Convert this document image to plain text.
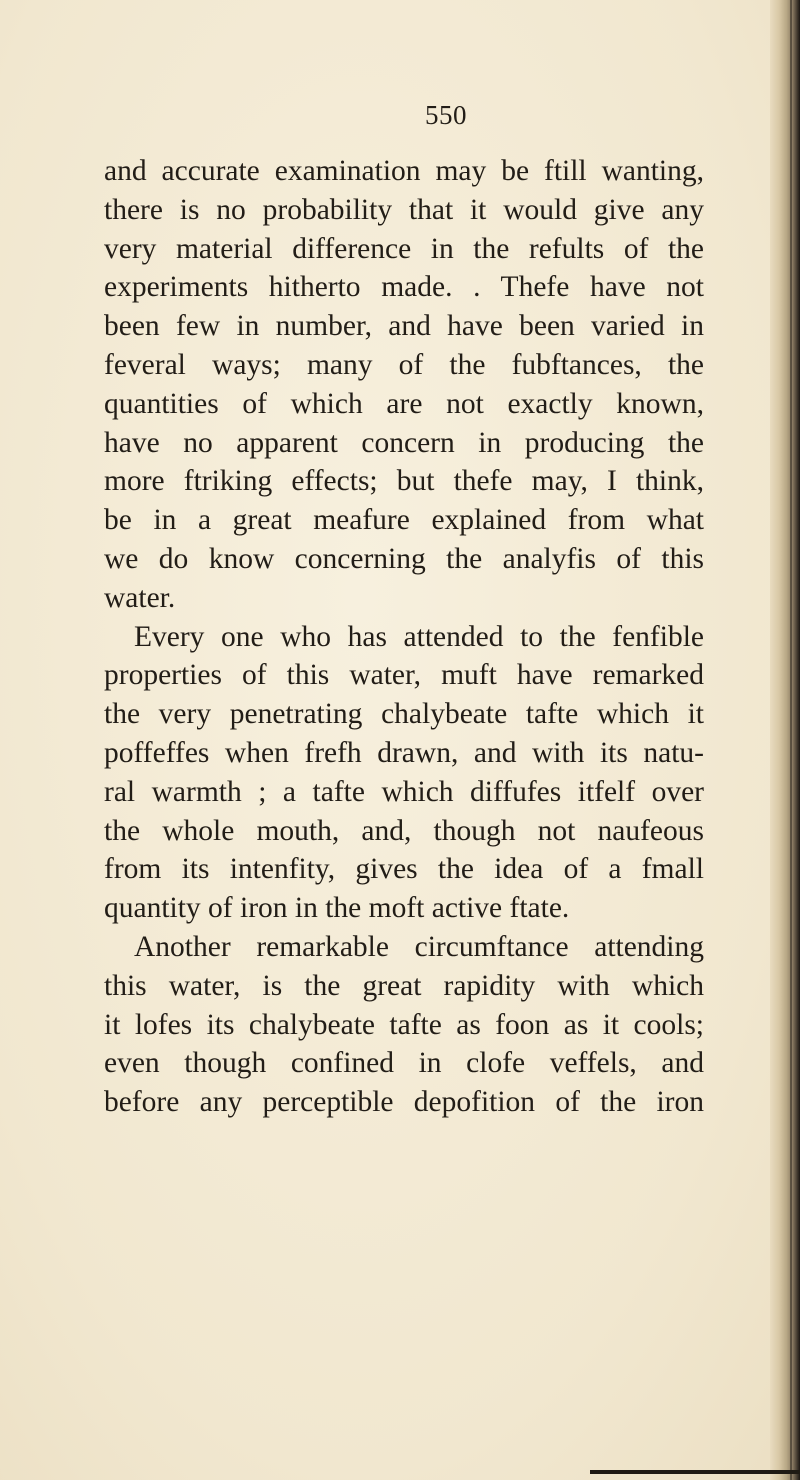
550
and accurate examination may be ftill wanting,
there is no probability that it would give any
very material difference in the refults of the
experiments hitherto made. . Thefe have not
been few in number, and have been varied in
feveral ways; many of the fubftances, the
quantities of which are not exactly known,
have no apparent concern in producing the
more ftriking effects; but thefe may, I think,
be in a great meafure explained from what
we do know concerning the analyfis of this
water.
Every one who has attended to the fenfible
properties of this water, muft have remarked
the very penetrating chalybeate tafte which it
poffeffes when frefh drawn, and with its natu-
ral warmth ; a tafte which diffufes itfelf over
the whole mouth, and, though not naufeous
from its intenfity, gives the idea of a fmall
quantity of iron in the moft active ftate.
Another remarkable circumftance attending
this water, is the great rapidity with which
it lofes its chalybeate tafte as foon as it cools;
even though confined in clofe veffels, and
before any perceptible depofition of the iron
